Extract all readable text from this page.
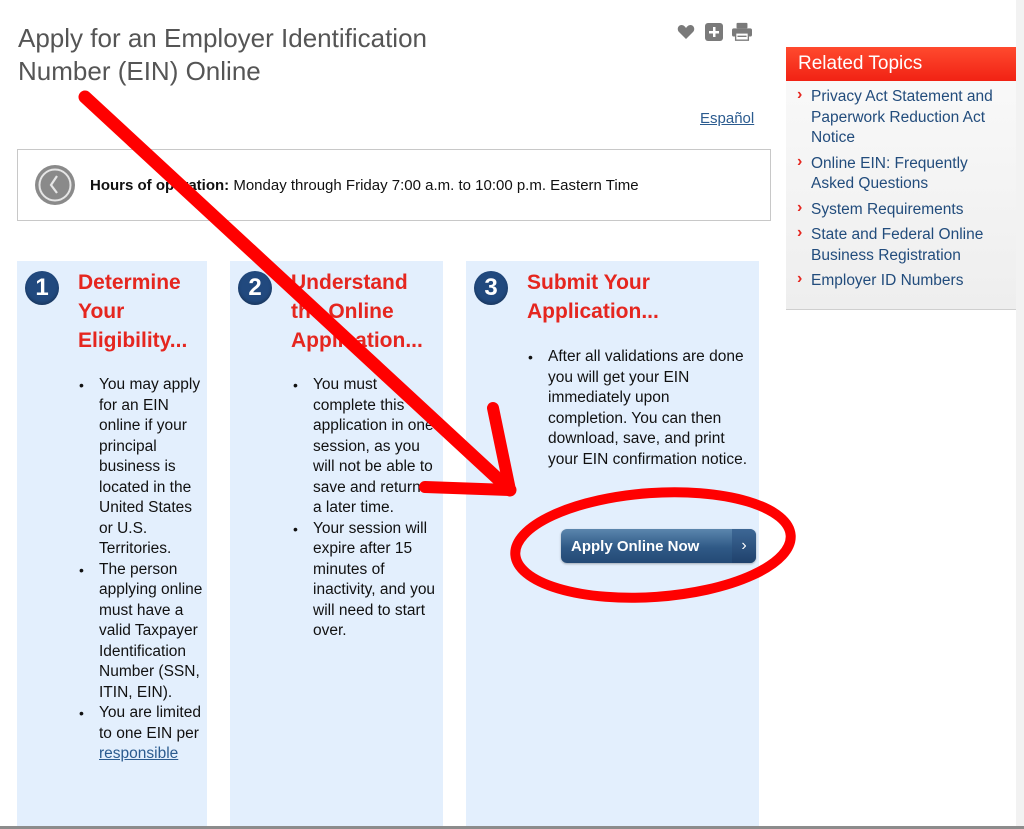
Apply for an Employer Identification Number (EIN) Online
Español
Hours of operation: Monday through Friday 7:00 a.m. to 10:00 p.m. Eastern Time
1	Determine Your Eligibility...
• You may apply for an EIN online if your principal business is located in the United States or U.S. Territories.
• The person applying online must have a valid Taxpayer Identification Number (SSN, ITIN, EIN).
• You are limited to one EIN per responsible
2	Understand the Online Application...
• You must complete this application in one session, as you will not be able to save and return at a later time.
• Your session will expire after 15 minutes of inactivity, and you will need to start over.
3	Submit Your Application...
• After all validations are done you will get your EIN immediately upon completion. You can then download, save, and print your EIN confirmation notice.
Apply Online Now	›
Related Topics
› Privacy Act Statement and Paperwork Reduction Act Notice
› Online EIN: Frequently Asked Questions
› System Requirements
› State and Federal Online Business Registration
› Employer ID Numbers
